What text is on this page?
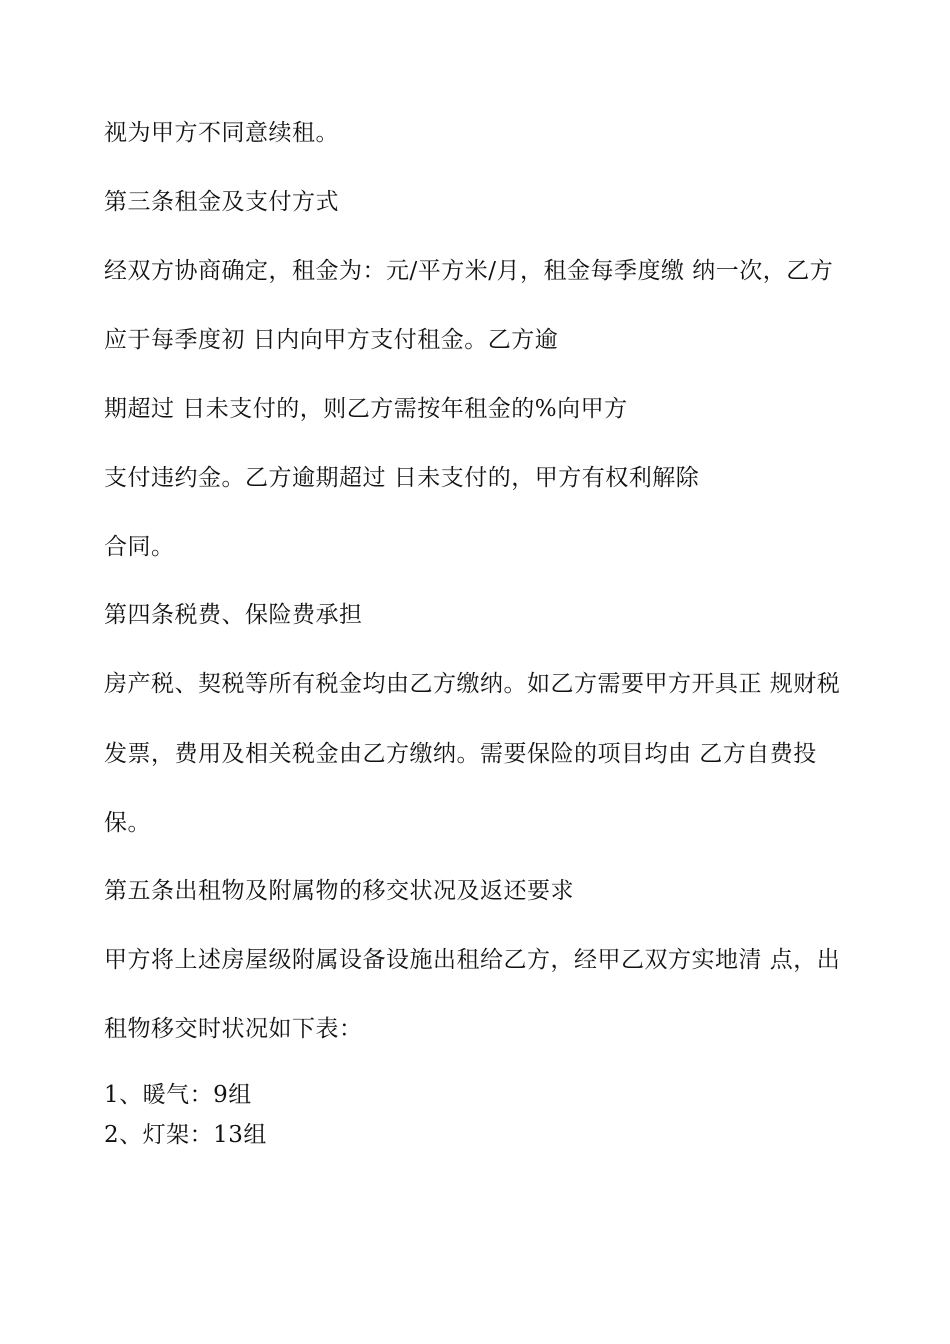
视为甲方不同意续租。
第三条租金及支付方式
经双方协商确定，租金为：元/平方米/月，租金每季度缴 纳一次，乙方
应于每季度初 日内向甲方支付租金。乙方逾
期超过 日未支付的，则乙方需按年租金的%向甲方
支付违约金。乙方逾期超过 日未支付的，甲方有权利解除
合同。
第四条税费、保险费承担
房产税、契税等所有税金均由乙方缴纳。如乙方需要甲方开具正 规财税
发票，费用及相关税金由乙方缴纳。需要保险的项目均由 乙方自费投
保。
第五条出租物及附属物的移交状况及返还要求
甲方将上述房屋级附属设备设施出租给乙方，经甲乙双方实地清 点，出
租物移交时状况如下表：
1、暖气：9组
2、灯架：13组
